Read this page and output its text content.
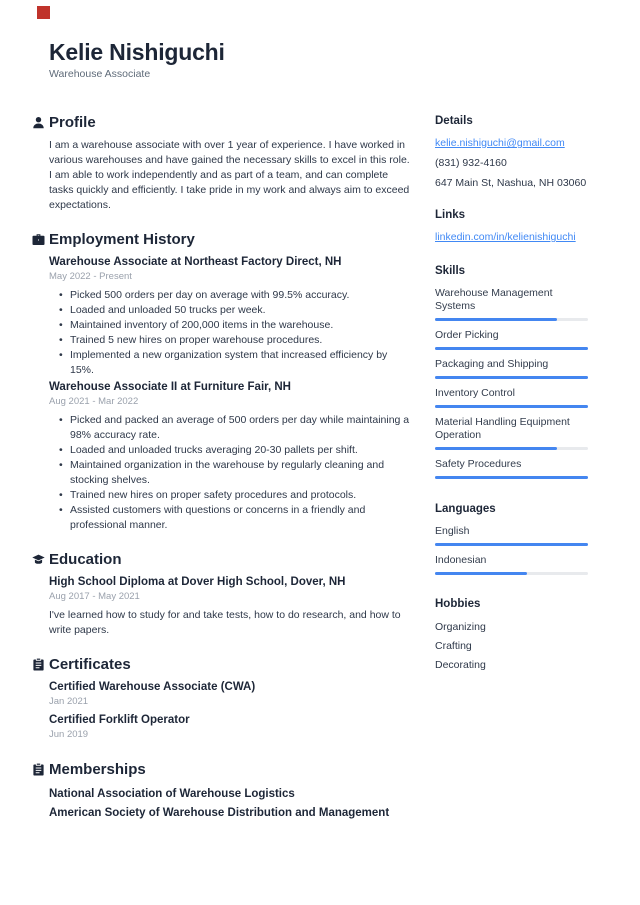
Kelie Nishiguchi
Warehouse Associate
Profile
I am a warehouse associate with over 1 year of experience. I have worked in various warehouses and have gained the necessary skills to excel in this role. I am able to work independently and as part of a team, and can complete tasks quickly and efficiently. I take pride in my work and always aim to exceed expectations.
Employment History
Warehouse Associate at Northeast Factory Direct, NH
May 2022 - Present
• Picked 500 orders per day on average with 99.5% accuracy.
• Loaded and unloaded 50 trucks per week.
• Maintained inventory of 200,000 items in the warehouse.
• Trained 5 new hires on proper warehouse procedures.
• Implemented a new organization system that increased efficiency by 15%.
Warehouse Associate II at Furniture Fair, NH
Aug 2021 - Mar 2022
• Picked and packed an average of 500 orders per day while maintaining a 98% accuracy rate.
• Loaded and unloaded trucks averaging 20-30 pallets per shift.
• Maintained organization in the warehouse by regularly cleaning and stocking shelves.
• Trained new hires on proper safety procedures and protocols.
• Assisted customers with questions or concerns in a friendly and professional manner.
Education
High School Diploma at Dover High School, Dover, NH
Aug 2017 - May 2021
I've learned how to study for and take tests, how to do research, and how to write papers.
Certificates
Certified Warehouse Associate (CWA)
Jan 2021
Certified Forklift Operator
Jun 2019
Memberships
National Association of Warehouse Logistics
American Society of Warehouse Distribution and Management
Details
kelie.nishiguchi@gmail.com
(831) 932-4160
647 Main St, Nashua, NH 03060
Links
linkedin.com/in/kelienishiguchi
Skills
Warehouse Management Systems
Order Picking
Packaging and Shipping
Inventory Control
Material Handling Equipment Operation
Safety Procedures
Languages
English
Indonesian
Hobbies
Organizing
Crafting
Decorating
